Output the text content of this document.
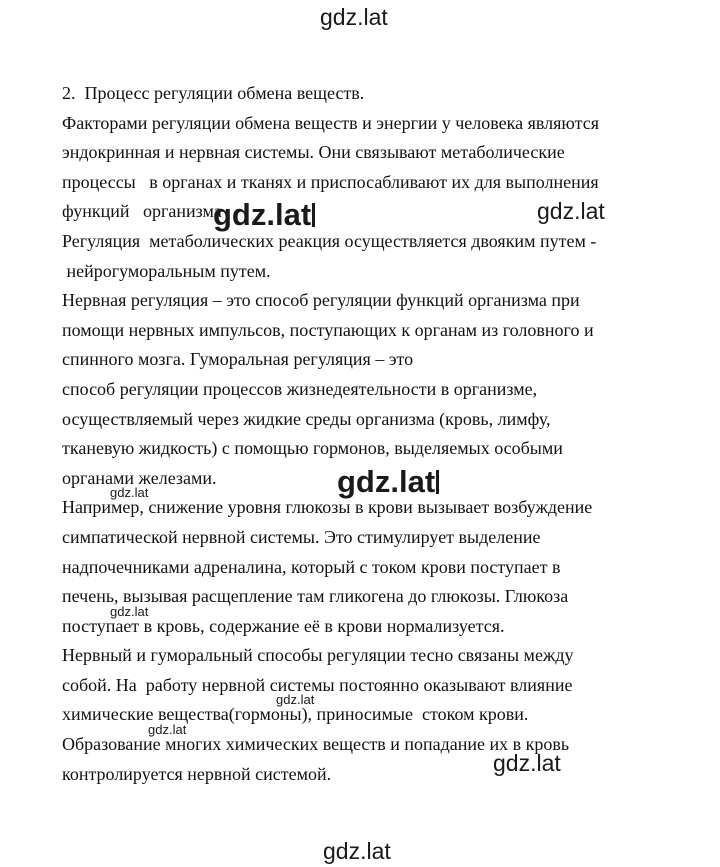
2.  Процесс регуляции обмена веществ.
Факторами регуляции обмена веществ и энергии у человека являются
эндокринная и нервная системы. Они связывают метаболические
процессы   в органах и тканях и приспосабливают их для выполнения
функций   организма
Регуляция  метаболических реакция осуществляется двояким путем -
нейрогуморальным путем.
Нервная регуляция – это способ регуляции функций организма при
помощи нервных импульсов, поступающих к органам из головного и
спинного мозга. Гуморальная регуляция – это
способ регуляции процессов жизнедеятельности в организме,
осуществляемый через жидкие среды организма (кровь, лимфу,
тканевую жидкость) с помощью гормонов, выделяемых особыми
органами железами.
Например, снижение уровня глюкозы в крови вызывает возбуждение
симпатической нервной системы. Это стимулирует выделение
надпочечниками адреналина, который с током крови поступает в
печень, вызывая расщепление там гликогена до глюкозы. Глюкоза
поступает в кровь, содержание её в крови нормализуется.
Нервный и гуморальный способы регуляции тесно связаны между
собой. На  работу нервной системы постоянно оказывают влияние
химические вещества(гормоны), приносимые  стоком крови.
Образование многих химических веществ и попадание их в кровь
контролируется нервной системой.
gdz.lat
gdz.lat	gdz.lat
gdz.lat
gdz.lat
gdz.lat
gdz.lat
gdz.lat
gdz.lat
gdz.lat
